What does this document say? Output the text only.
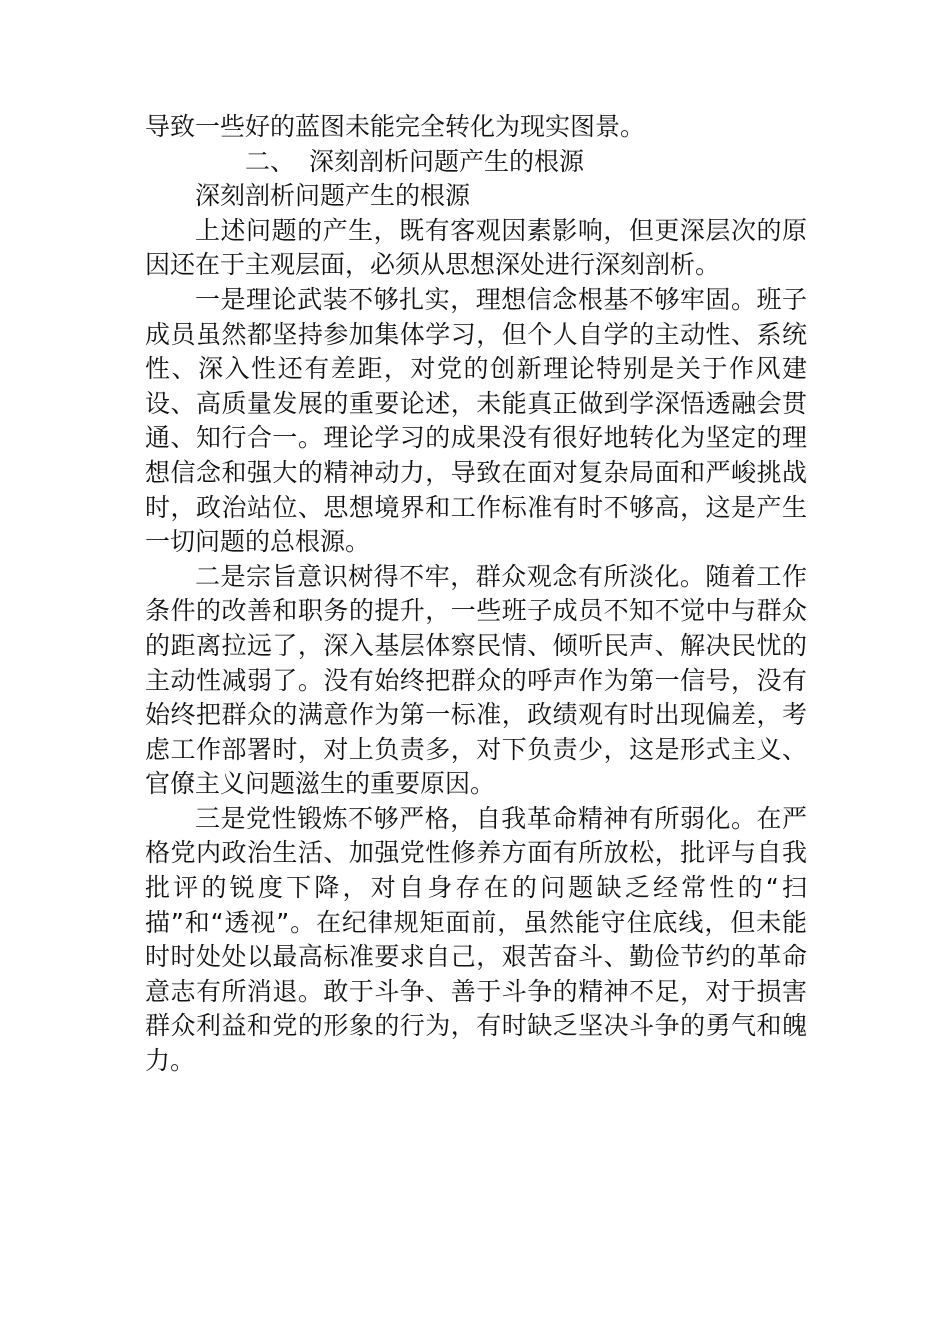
导致一些好的蓝图未能完全转化为现实图景。

二、 深刻剖析问题产生的根源

深刻剖析问题产生的根源

上述问题的产生，既有客观因素影响，但更深层次的原因还在于主观层面，必须从思想深处进行深刻剖析。

一是理论武装不够扎实，理想信念根基不够牢固。班子成员虽然都坚持参加集体学习，但个人自学的主动性、系统性、深入性还有差距，对党的创新理论特别是关于作风建设、高质量发展的重要论述，未能真正做到学深悟透融会贯通、知行合一。理论学习的成果没有很好地转化为坚定的理想信念和强大的精神动力，导致在面对复杂局面和严峻挑战时，政治站位、思想境界和工作标准有时不够高，这是产生一切问题的总根源。

二是宗旨意识树得不牢，群众观念有所淡化。随着工作条件的改善和职务的提升，一些班子成员不知不觉中与群众的距离拉远了，深入基层体察民情、倾听民声、解决民忧的主动性减弱了。没有始终把群众的呼声作为第一信号，没有始终把群众的满意作为第一标准，政绩观有时出现偏差，考虑工作部署时，对上负责多，对下负责少，这是形式主义、官僚主义问题滋生的重要原因。

三是党性锻炼不够严格，自我革命精神有所弱化。在严格党内政治生活、加强党性修养方面有所放松，批评与自我批评的锐度下降，对自身存在的问题缺乏经常性的“扫描”和“透视”。在纪律规矩面前，虽然能守住底线，但未能时时处处以最高标准要求自己，艰苦奋斗、勤俭节约的革命意志有所消退。敢于斗争、善于斗争的精神不足，对于损害群众利益和党的形象的行为，有时缺乏坚决斗争的勇气和魄力。
